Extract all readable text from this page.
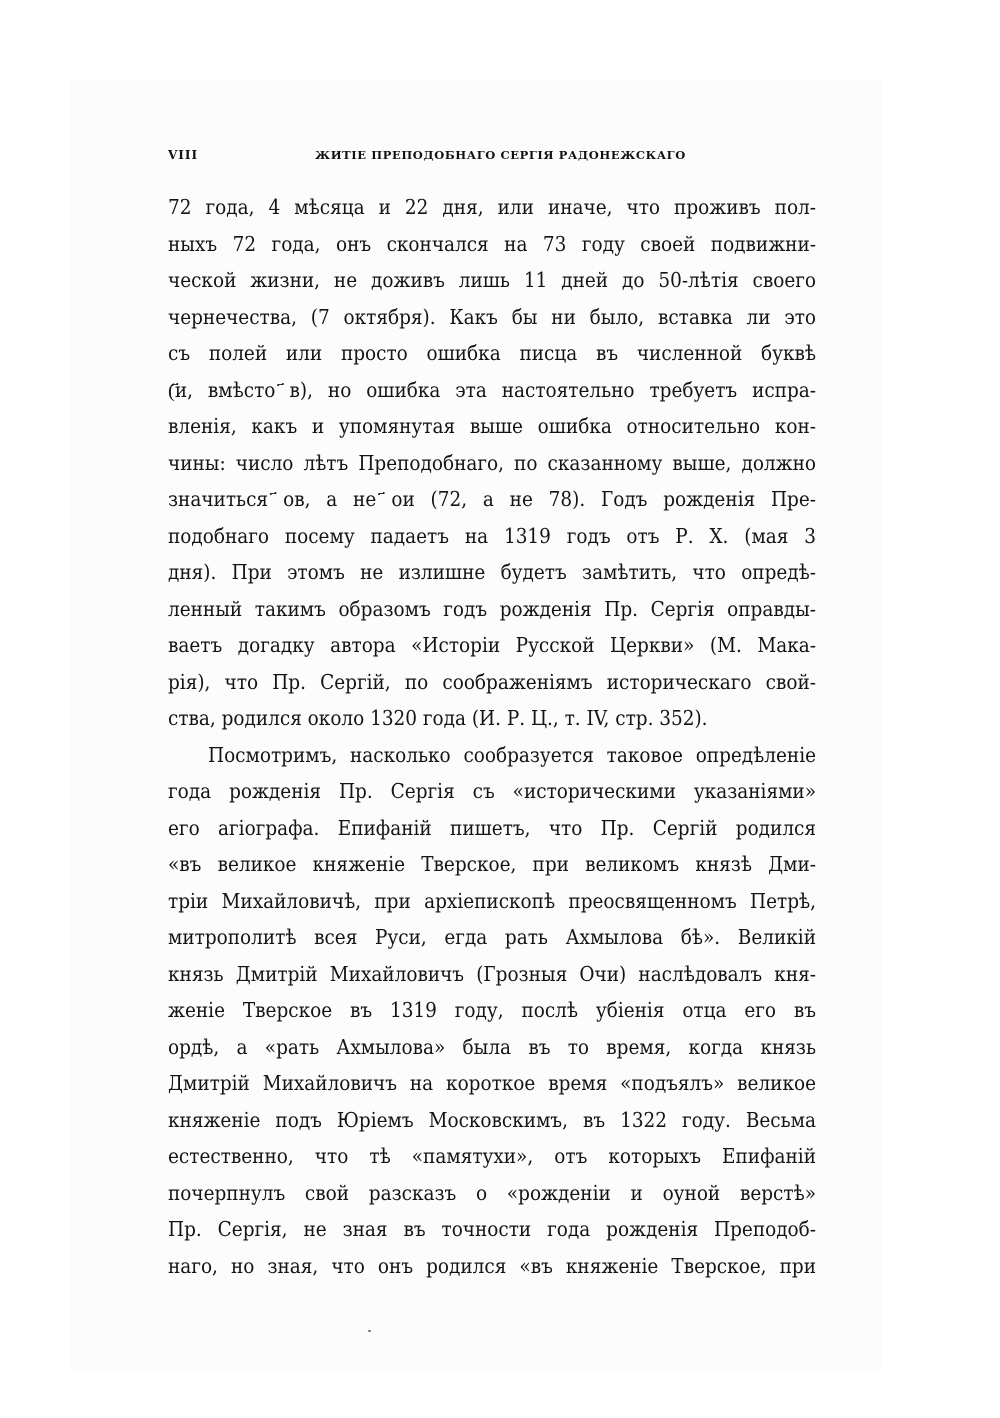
VIII	ЖИТІЕ ПРЕПОДОБНАГО СЕРГІЯ РАДОНЕЖСКАГО
72 года, 4 мѣсяца и 22 дня, или иначе, что проживъ пол-
ныхъ 72 года, онъ скончался на 73 году своей подвижни-
ческой жизни, не доживъ лишь 11 дней до 50-лѣтія своего
чернечества, (7 октября). Какъ бы ни было, вставка ли это
съ полей или просто ошибка писца въ численной буквѣ
(҃и, вмѣсто ҃в), но ошибка эта настоятельно требуетъ испра-
вленія, какъ и упомянутая выше ошибка относительно кон-
чины: число лѣтъ Преподобнаго, по сказанному выше, должно
значиться ҃ов, а не ҃ои (72, а не 78). Годъ рожденія Пре-
подобнаго посему падаетъ на 1319 годъ отъ Р. Х. (мая 3
дня). При этомъ не излишне будетъ замѣтить, что опредѣ-
ленный такимъ образомъ годъ рожденія Пр. Сергія оправды-
ваетъ догадку автора «Исторіи Русской Церкви» (М. Мака-
рія), что Пр. Сергій, по соображеніямъ историческаго свой-
ства, родился около 1320 года (И. Р. Ц., т. IV, стр. 352).
Посмотримъ, насколько сообразуется таковое опредѣленіе
года рожденія Пр. Сергія съ «историческими указаніями»
его агіографа. Епифаній пишетъ, что Пр. Сергій родился
«въ великое княженіе Тверское, при великомъ князѣ Дми-
тріи Михайловичѣ, при архіепископѣ преосвященномъ Петрѣ,
митрополитѣ всея Руси, егда рать Ахмылова бѣ». Великій
князь Дмитрій Михайловичъ (Грозныя Очи) наслѣдовалъ кня-
женіе Тверское въ 1319 году, послѣ убіенія отца его въ
ордѣ, а «рать Ахмылова» была въ то время, когда князь
Дмитрій Михайловичъ на короткое время «подъялъ» великое
княженіе подъ Юріемъ Московскимъ, въ 1322 году. Весьма
естественно, что тѣ «памятухи», отъ которыхъ Епифаній
почерпнулъ свой разсказъ о «рожденіи и оуной верстѣ»
Пр. Сергія, не зная въ точности года рожденія Преподоб-
наго, но зная, что онъ родился «въ княженіе Тверское, при
